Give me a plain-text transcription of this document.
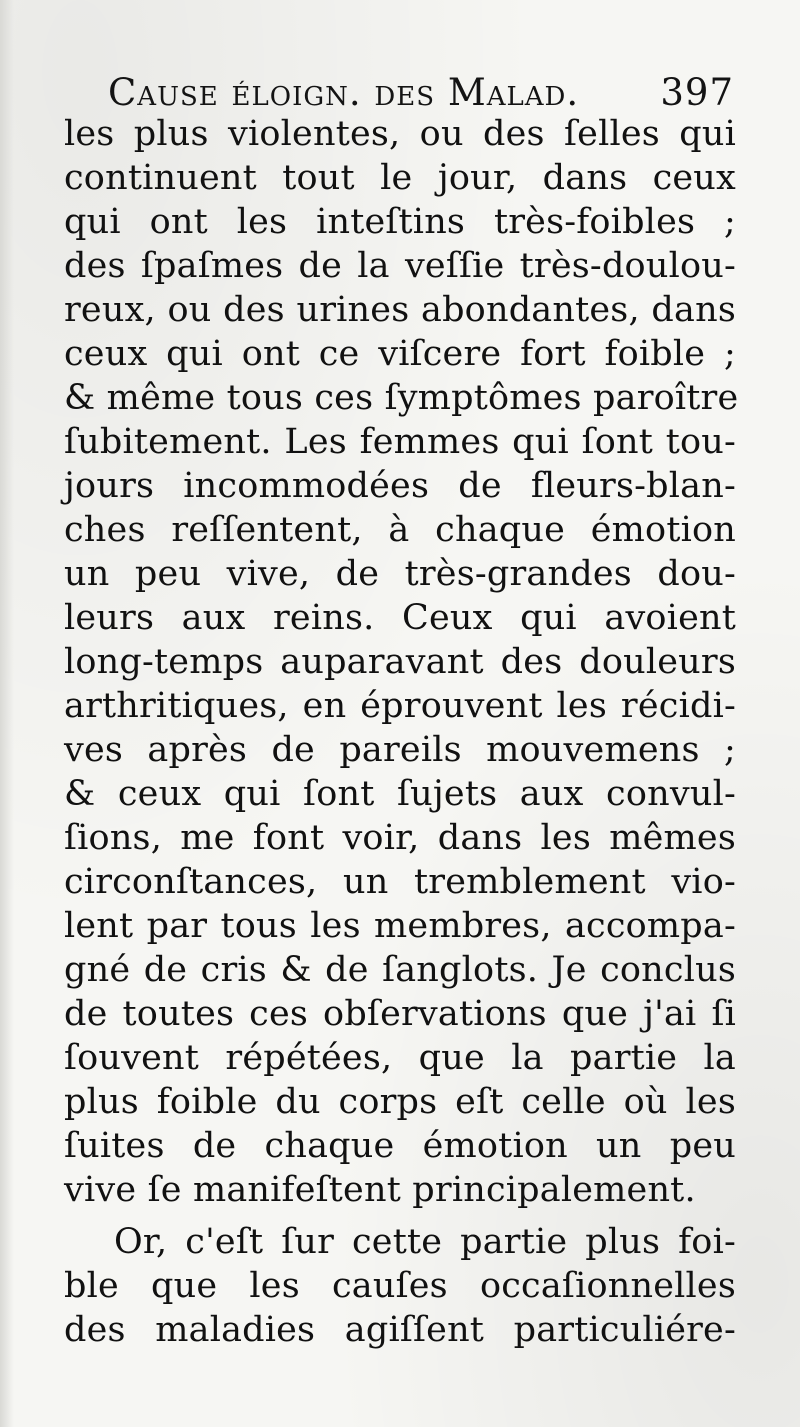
Cause éloign. des Malad. 397
les plus violentes, ou des ſelles qui
continuent tout le jour, dans ceux
qui ont les inteſtins très-foibles ;
des ſpaſmes de la veſſie très-doulou-
reux, ou des urines abondantes, dans
ceux qui ont ce viſcere fort foible ;
& même tous ces ſymptômes paroître
ſubitement. Les femmes qui ſont tou-
jours incommodées de fleurs-blan-
ches reſſentent, à chaque émotion
un peu vive, de très-grandes dou-
leurs aux reins. Ceux qui avoient
long-temps auparavant des douleurs
arthritiques, en éprouvent les récidi-
ves après de pareils mouvemens ;
& ceux qui ſont ſujets aux convul-
ſions, me font voir, dans les mêmes
circonſtances, un tremblement vio-
lent par tous les membres, accompa-
gné de cris & de ſanglots. Je conclus
de toutes ces obſervations que j'ai ſi
ſouvent répétées, que la partie la
plus foible du corps eſt celle où les
ſuites de chaque émotion un peu
vive ſe manifeſtent principalement.
Or, c'eſt ſur cette partie plus foi-
ble que les cauſes occaſionnelles
des maladies agiſſent particuliére-
